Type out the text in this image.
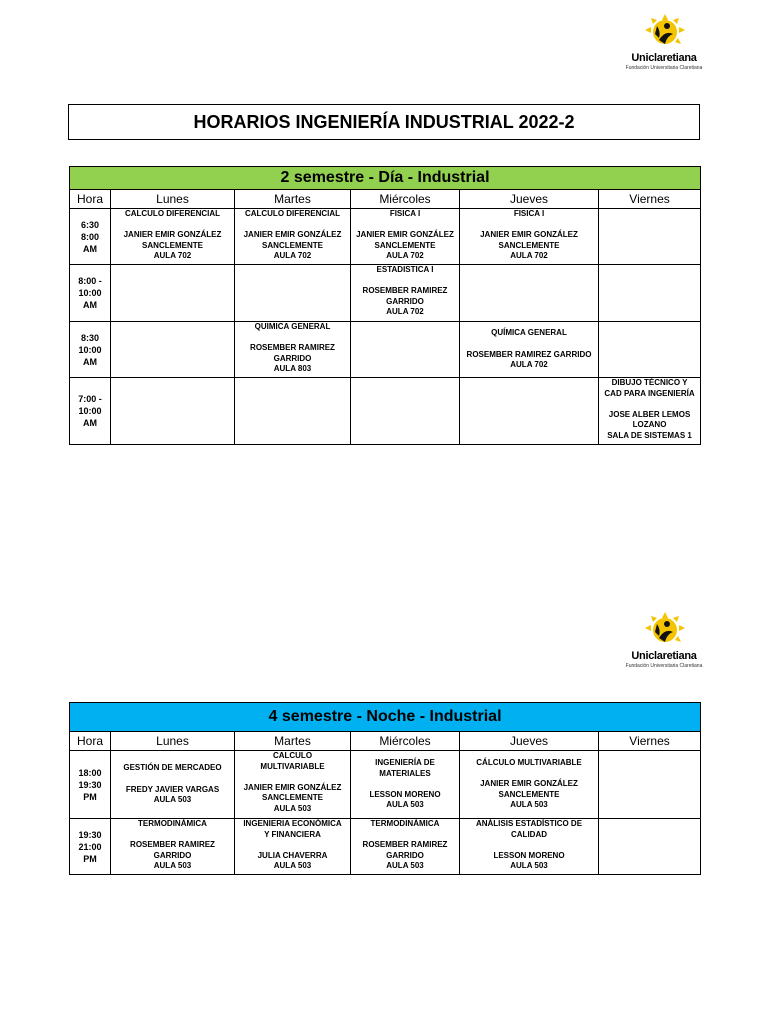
Uniclaretiana
Fundación Universitaria Claretiana
HORARIOS INGENIERÍA INDUSTRIAL 2022-2
2 semestre - Día - Industrial					
Hora	Lunes	Martes	Miércoles	Jueves	Viernes
6:30
8:00
AM	CALCULO DIFERENCIAL

JANIER EMIR GONZÁLEZ
SANCLEMENTE
AULA 702	CALCULO DIFERENCIAL

JANIER EMIR GONZÁLEZ
SANCLEMENTE
AULA 702	FISICA I

JANIER EMIR GONZÁLEZ
SANCLEMENTE
AULA 702	FISICA I

JANIER EMIR GONZÁLEZ
SANCLEMENTE
AULA 702	
8:00 -
10:00
AM			ESTADISTICA I

ROSEMBER RAMIREZ
GARRIDO
AULA 702		
8:30
10:00
AM		QUIMICA GENERAL

ROSEMBER RAMIREZ
GARRIDO
AULA 803		QUÍMICA GENERAL

ROSEMBER RAMIREZ GARRIDO
AULA 702	
7:00 -
10:00
AM					DIBUJO TÉCNICO Y
CAD PARA INGENIERÍA

JOSE ALBER LEMOS
LOZANO
SALA DE SISTEMAS 1
Uniclaretiana
Fundación Universitaria Claretiana
4 semestre - Noche - Industrial					
Hora	Lunes	Martes	Miércoles	Jueves	Viernes
18:00
19:30
PM	GESTIÓN DE MERCADEO

FREDY JAVIER VARGAS
AULA 503	CALCULO
MULTIVARIABLE

JANIER EMIR GONZÁLEZ
SANCLEMENTE
AULA 503	INGENIERÍA DE
MATERIALES

LESSON MORENO
AULA 503	CÁLCULO MULTIVARIABLE

JANIER EMIR GONZÁLEZ
SANCLEMENTE
AULA 503	
19:30
21:00
PM	TERMODINÁMICA

ROSEMBER RAMIREZ
GARRIDO
AULA 503	INGENIERIA ECONÓMICA
Y FINANCIERA

JULIA CHAVERRA
AULA 503	TERMODINÁMICA

ROSEMBER RAMIREZ
GARRIDO
AULA 503	ANÁLISIS ESTADÍSTICO DE
CALIDAD

LESSON MORENO
AULA 503	
